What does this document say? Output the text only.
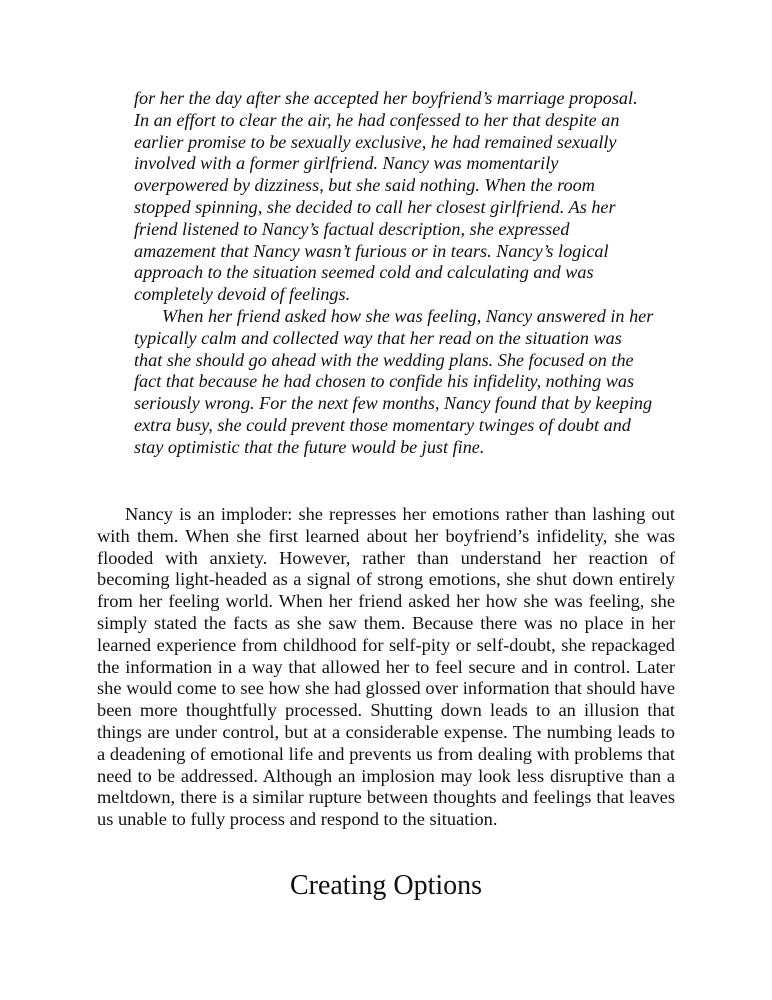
for her the day after she accepted her boyfriend’s marriage proposal.
In an effort to clear the air, he had confessed to her that despite an
earlier promise to be sexually exclusive, he had remained sexually
involved with a former girlfriend. Nancy was momentarily
overpowered by dizziness, but she said nothing. When the room
stopped spinning, she decided to call her closest girlfriend. As her
friend listened to Nancy’s factual description, she expressed
amazement that Nancy wasn’t furious or in tears. Nancy’s logical
approach to the situation seemed cold and calculating and was
completely devoid of feelings.

When her friend asked how she was feeling, Nancy answered in her
typically calm and collected way that her read on the situation was
that she should go ahead with the wedding plans. She focused on the
fact that because he had chosen to confide his infidelity, nothing was
seriously wrong. For the next few months, Nancy found that by keeping
extra busy, she could prevent those momentary twinges of doubt and
stay optimistic that the future would be just fine.

Nancy is an imploder: she represses her emotions rather than lashing out with them. When she first learned about her boyfriend’s infidelity, she was flooded with anxiety. However, rather than understand her reaction of becoming light-headed as a signal of strong emotions, she shut down entirely from her feeling world. When her friend asked her how she was feeling, she simply stated the facts as she saw them. Because there was no place in her learned experience from childhood for self-pity or self-doubt, she repackaged the information in a way that allowed her to feel secure and in control. Later she would come to see how she had glossed over information that should have been more thoughtfully processed. Shutting down leads to an illusion that things are under control, but at a considerable expense. The numbing leads to a deadening of emotional life and prevents us from dealing with problems that need to be addressed. Although an implosion may look less disruptive than a meltdown, there is a similar rupture between thoughts and feelings that leaves us unable to fully process and respond to the situation.

Creating Options
